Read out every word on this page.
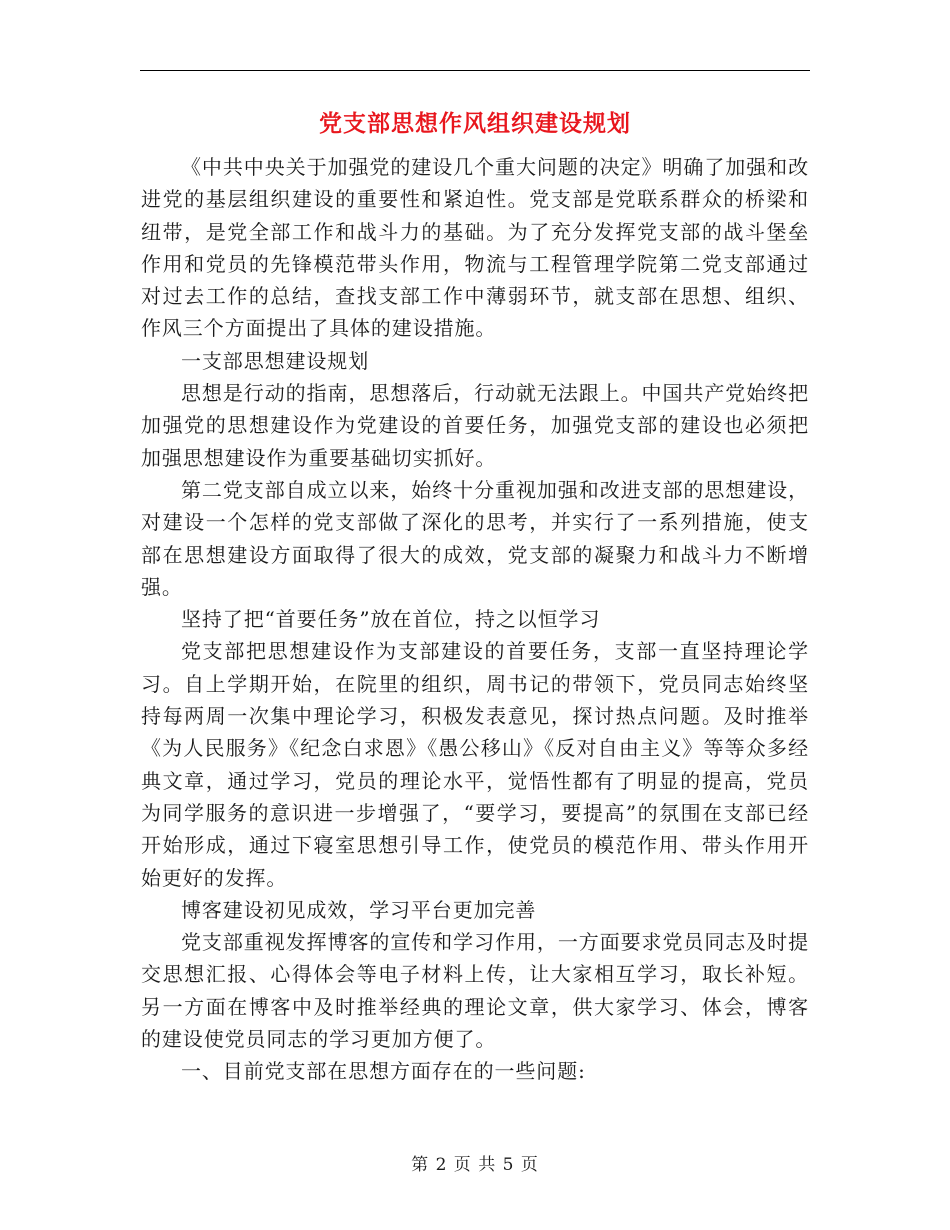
党支部思想作风组织建设规划

《中共中央关于加强党的建设几个重大问题的决定》明确了加强和改进党的基层组织建设的重要性和紧迫性。党支部是党联系群众的桥梁和纽带，是党全部工作和战斗力的基础。为了充分发挥党支部的战斗堡垒作用和党员的先锋模范带头作用，物流与工程管理学院第二党支部通过对过去工作的总结，查找支部工作中薄弱环节，就支部在思想、组织、作风三个方面提出了具体的建设措施。

一支部思想建设规划

思想是行动的指南，思想落后，行动就无法跟上。中国共产党始终把加强党的思想建设作为党建设的首要任务，加强党支部的建设也必须把加强思想建设作为重要基础切实抓好。

第二党支部自成立以来，始终十分重视加强和改进支部的思想建设，对建设一个怎样的党支部做了深化的思考，并实行了一系列措施，使支部在思想建设方面取得了很大的成效，党支部的凝聚力和战斗力不断增强。

坚持了把“首要任务”放在首位，持之以恒学习

党支部把思想建设作为支部建设的首要任务，支部一直坚持理论学习。自上学期开始，在院里的组织，周书记的带领下，党员同志始终坚持每两周一次集中理论学习，积极发表意见，探讨热点问题。及时推举《为人民服务》《纪念白求恩》《愚公移山》《反对自由主义》等等众多经典文章，通过学习，党员的理论水平，觉悟性都有了明显的提高，党员为同学服务的意识进一步增强了，“要学习，要提高”的氛围在支部已经开始形成，通过下寝室思想引导工作，使党员的模范作用、带头作用开始更好的发挥。

博客建设初见成效，学习平台更加完善

党支部重视发挥博客的宣传和学习作用，一方面要求党员同志及时提交思想汇报、心得体会等电子材料上传，让大家相互学习，取长补短。另一方面在博客中及时推举经典的理论文章，供大家学习、体会，博客的建设使党员同志的学习更加方便了。

一、目前党支部在思想方面存在的一些问题:

第 2 页 共 5 页
